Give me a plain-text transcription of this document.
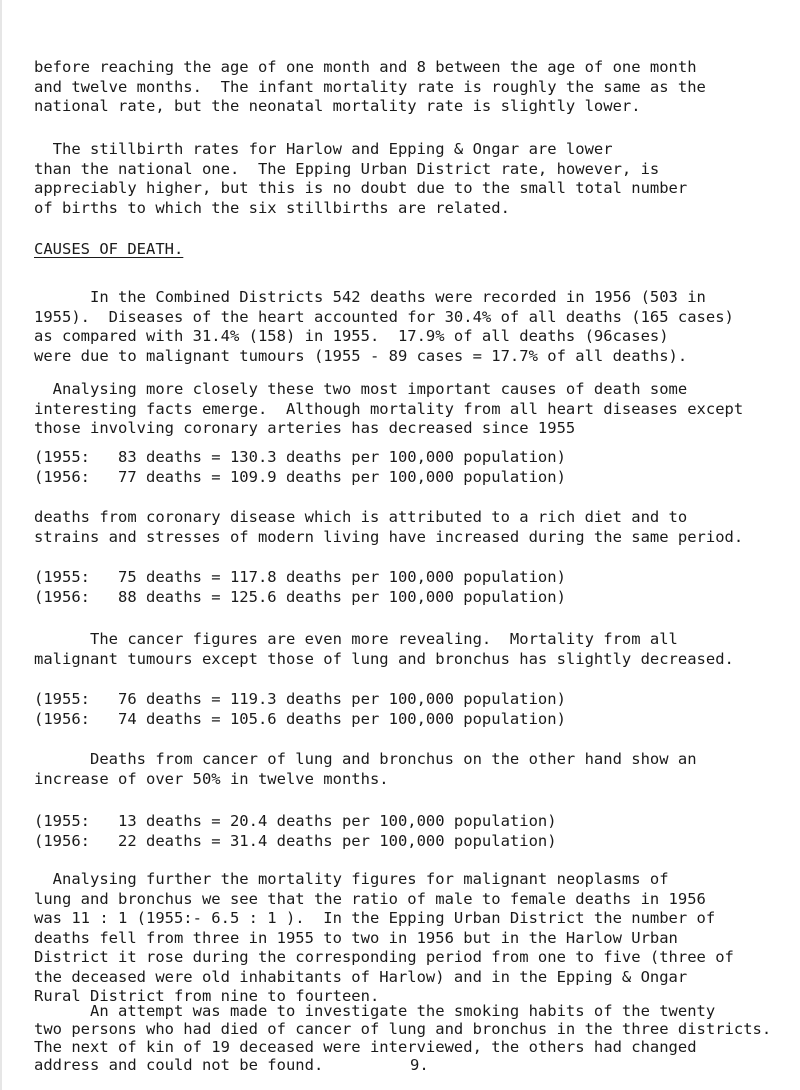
before reaching the age of one month and 8 between the age of one month
and twelve months.  The infant mortality rate is roughly the same as the
national rate, but the neonatal mortality rate is slightly lower.
The stillbirth rates for Harlow and Epping & Ongar are lower
than the national one.  The Epping Urban District rate, however, is
appreciably higher, but this is no doubt due to the small total number
of births to which the six stillbirths are related.
CAUSES OF DEATH.
In the Combined Districts 542 deaths were recorded in 1956 (503 in
1955).  Diseases of the heart accounted for 30.4% of all deaths (165 cases)
as compared with 31.4% (158) in 1955.  17.9% of all deaths (96cases)
were due to malignant tumours (1955 - 89 cases = 17.7% of all deaths).
Analysing more closely these two most important causes of death some
interesting facts emerge.  Although mortality from all heart diseases except
those involving coronary arteries has decreased since 1955
(1955:   83 deaths = 130.3 deaths per 100,000 population)
(1956:   77 deaths = 109.9 deaths per 100,000 population)
deaths from coronary disease which is attributed to a rich diet and to
strains and stresses of modern living have increased during the same period.
(1955:   75 deaths = 117.8 deaths per 100,000 population)
(1956:   88 deaths = 125.6 deaths per 100,000 population)
The cancer figures are even more revealing.  Mortality from all
malignant tumours except those of lung and bronchus has slightly decreased.
(1955:   76 deaths = 119.3 deaths per 100,000 population)
(1956:   74 deaths = 105.6 deaths per 100,000 population)
Deaths from cancer of lung and bronchus on the other hand show an
increase of over 50% in twelve months.
(1955:   13 deaths = 20.4 deaths per 100,000 population)
(1956:   22 deaths = 31.4 deaths per 100,000 population)
Analysing further the mortality figures for malignant neoplasms of
lung and bronchus we see that the ratio of male to female deaths in 1956
was 11 : 1 (1955:- 6.5 : 1 ).  In the Epping Urban District the number of
deaths fell from three in 1955 to two in 1956 but in the Harlow Urban
District it rose during the corresponding period from one to five (three of
the deceased were old inhabitants of Harlow) and in the Epping & Ongar
Rural District from nine to fourteen.
An attempt was made to investigate the smoking habits of the twenty
two persons who had died of cancer of lung and bronchus in the three districts.
The next of kin of 19 deceased were interviewed, the others had changed
address and could not be found.	9.
